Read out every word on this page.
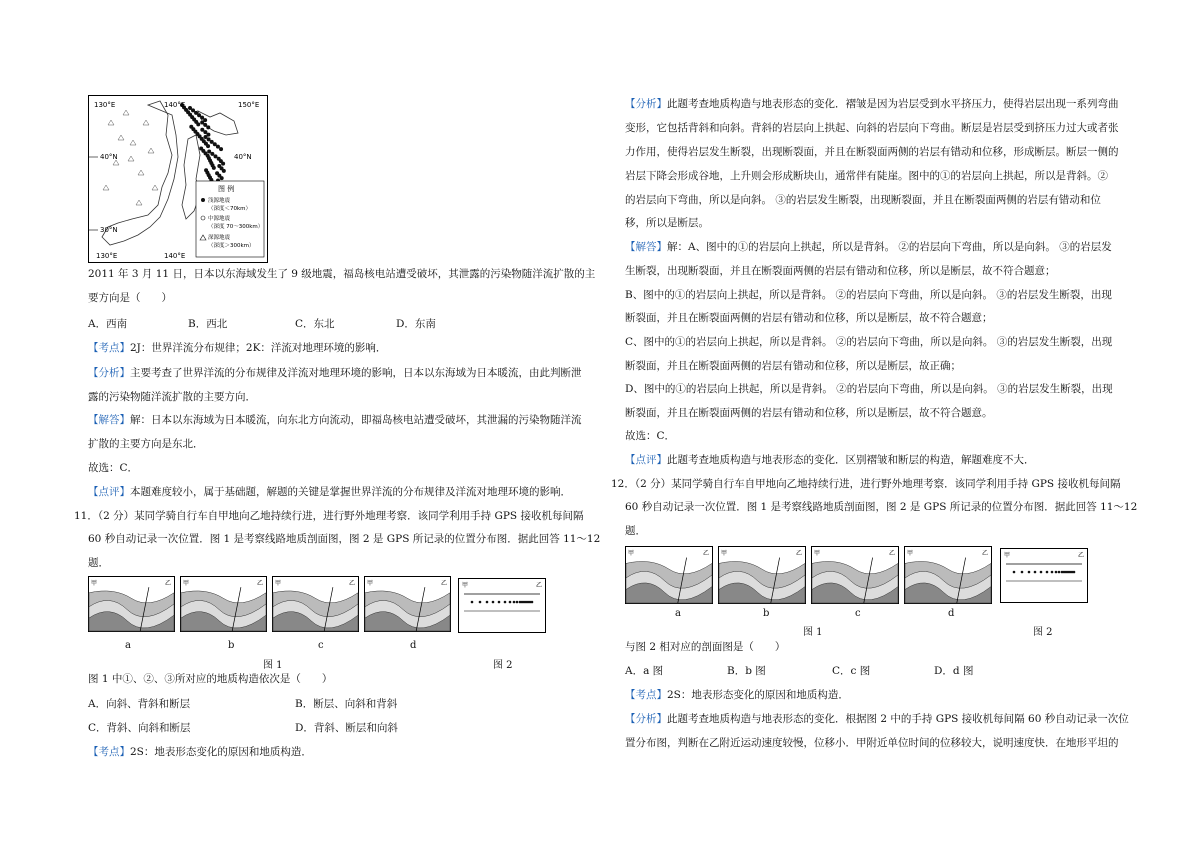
130°E	140°E	150°E
40°N
30°N
40°N
130°E	140°E
图 例
浅源地震
（深度＜70km）
中源地震
（深度 70～300km）
深源地震
（深度＞300km）
2011 年 3 月 11 日，日本以东海域发生了 9 级地震，福岛核电站遭受破坏，其泄露的污染物随洋流扩散的主
要方向是（　　）
A．西南	B．西北	C．东北	D．东南
【考点】2J：世界洋流分布规律；2K：洋流对地理环境的影响．
【分析】主要考查了世界洋流的分布规律及洋流对地理环境的影响，日本以东海域为日本暖流，由此判断泄
露的污染物随洋流扩散的主要方向．
【解答】解：日本以东海域为日本暖流，向东北方向流动，即福岛核电站遭受破坏，其泄漏的污染物随洋流
扩散的主要方向是东北．
故选：C．
【点评】本题难度较小，属于基础题，解题的关键是掌握世界洋流的分布规律及洋流对地理环境的影响．
11．（2 分）某同学骑自行车自甲地向乙地持续行进，进行野外地理考察．该同学利用手持 GPS 接收机每间隔
60 秒自动记录一次位置．图 1 是考察线路地质剖面图，图 2 是 GPS 所记录的位置分布图．据此回答 11～12
题．
甲	乙 甲	乙 甲	乙 甲	乙 甲	乙
a	b	c	d
图 1	图 2
图 1 中①、②、③所对应的地质构造依次是（　　）
A．向斜、背斜和断层	B．断层、向斜和背斜
C．背斜、向斜和断层	D．背斜、断层和向斜
【考点】2S：地表形态变化的原因和地质构造．
【分析】此题考查地质构造与地表形态的变化．褶皱是因为岩层受到水平挤压力，使得岩层出现一系列弯曲
变形，它包括背斜和向斜。背斜的岩层向上拱起、向斜的岩层向下弯曲。断层是岩层受到挤压力过大或者张
力作用，使得岩层发生断裂，出现断裂面，并且在断裂面两侧的岩层有错动和位移，形成断层。断层一侧的
岩层下降会形成谷地，上升则会形成断块山，通常伴有陡崖。图中的①的岩层向上拱起，所以是背斜。②
的岩层向下弯曲，所以是向斜。 ③的岩层发生断裂，出现断裂面，并且在断裂面两侧的岩层有错动和位
移，所以是断层。
【解答】解：A、图中的①的岩层向上拱起，所以是背斜。 ②的岩层向下弯曲，所以是向斜。 ③的岩层发
生断裂，出现断裂面，并且在断裂面两侧的岩层有错动和位移，所以是断层，故不符合题意；
B、图中的①的岩层向上拱起，所以是背斜。 ②的岩层向下弯曲，所以是向斜。 ③的岩层发生断裂，出现
断裂面，并且在断裂面两侧的岩层有错动和位移，所以是断层，故不符合题意；
C、图中的①的岩层向上拱起，所以是背斜。 ②的岩层向下弯曲，所以是向斜。 ③的岩层发生断裂，出现
断裂面，并且在断裂面两侧的岩层有错动和位移，所以是断层，故正确；
D、图中的①的岩层向上拱起，所以是背斜。 ②的岩层向下弯曲，所以是向斜。 ③的岩层发生断裂，出现
断裂面，并且在断裂面两侧的岩层有错动和位移，所以是断层，故不符合题意。
故选：C．
【点评】此题考查地质构造与地表形态的变化．区别褶皱和断层的构造，解题难度不大．
12．（2 分）某同学骑自行车自甲地向乙地持续行进，进行野外地理考察．该同学利用手持 GPS 接收机每间隔
60 秒自动记录一次位置．图 1 是考察线路地质剖面图，图 2 是 GPS 所记录的位置分布图．据此回答 11～12
题．
甲	乙 甲	乙 甲	乙 甲	乙	甲	乙
a	b	c	d
图 1	图 2
与图 2 相对应的剖面图是（　　）
A．a 图	B．b 图	C．c 图	D．d 图
【考点】2S：地表形态变化的原因和地质构造．
【分析】此题考查地质构造与地表形态的变化．根据图 2 中的手持 GPS 接收机每间隔 60 秒自动记录一次位
置分布图，判断在乙附近运动速度较慢，位移小．甲附近单位时间的位移较大，说明速度快．在地形平坦的
